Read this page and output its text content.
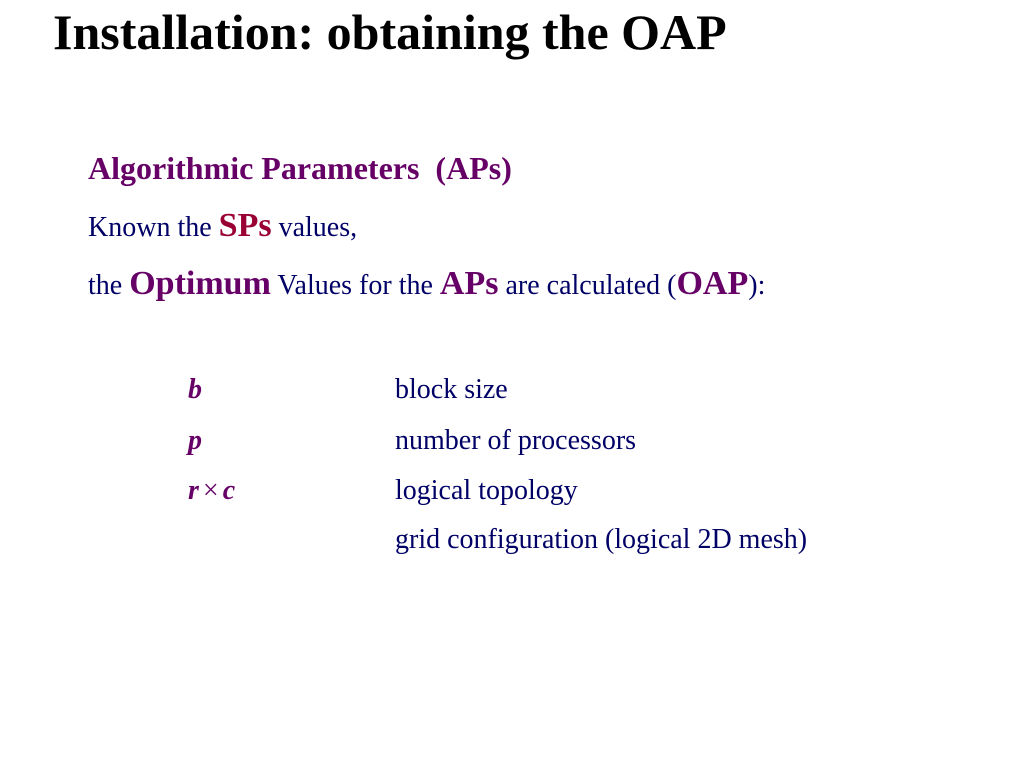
Installation: obtaining the OAP
Algorithmic Parameters  (APs)

Known the SPs values,

the Optimum Values for the APs are calculated (OAP):

b	block size
p	number of processors
r × c	logical topology
grid configuration (logical 2D mesh)
